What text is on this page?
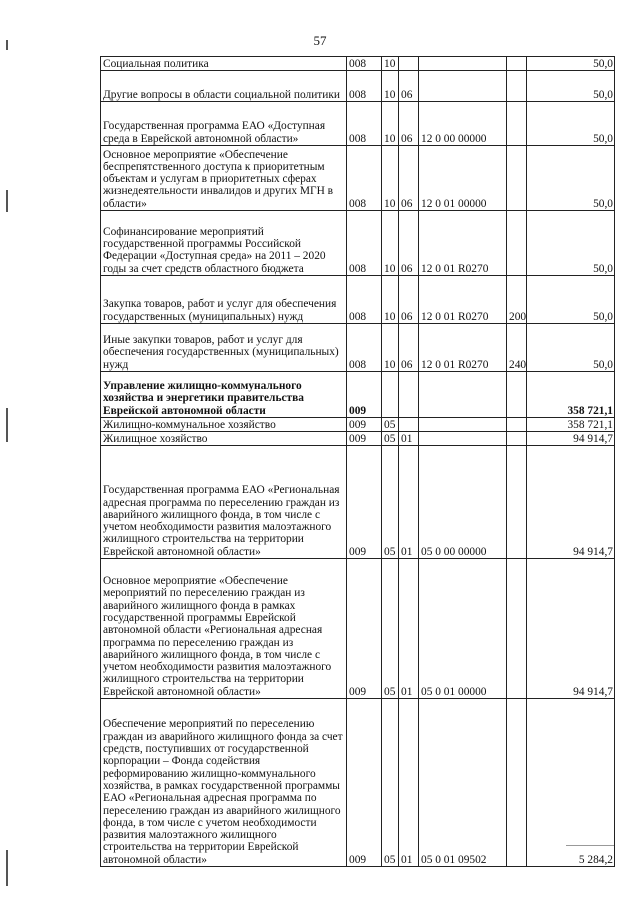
57
Социальная политика	008	10				50,0
Другие вопросы в области социальной политики	008	10	06			50,0
Государственная программа ЕАО «Доступная среда в Еврейской автономной области»	008	10	06	12 0 00 00000		50,0
Основное мероприятие «Обеспечение беспрепятственного доступа к приоритетным объектам и услугам в приоритетных сферах жизнедеятельности инвалидов и других МГН в области»	008	10	06	12 0 01 00000		50,0
Софинансирование мероприятий государственной программы Российской Федерации «Доступная среда» на 2011 – 2020 годы за счет средств областного бюджета	008	10	06	12 0 01 R0270		50,0
Закупка товаров, работ и услуг для обеспечения государственных (муниципальных) нужд	008	10	06	12 0 01 R0270	200	50,0
Иные закупки товаров, работ и услуг для обеспечения государственных (муниципальных) нужд	008	10	06	12 0 01 R0270	240	50,0
Управление жилищно-коммунального хозяйства и энергетики правительства Еврейской автономной области	009					358 721,1
Жилищно-коммунальное хозяйство	009	05				358 721,1
Жилищное хозяйство	009	05	01			94 914,7
Государственная программа ЕАО «Региональная адресная программа по переселению граждан из аварийного жилищного фонда, в том числе с учетом необходимости развития малоэтажного жилищного строительства на территории Еврейской автономной области»	009	05	01	05 0 00 00000		94 914,7
Основное мероприятие «Обеспечение мероприятий по переселению граждан из аварийного жилищного фонда в рамках государственной программы Еврейской автономной области «Региональная адресная программа по переселению граждан из аварийного жилищного фонда, в том числе с учетом необходимости развития малоэтажного жилищного строительства на территории Еврейской автономной области»	009	05	01	05 0 01 00000		94 914,7
Обеспечение мероприятий по переселению граждан из аварийного жилищного фонда за счет средств, поступивших от государственной корпорации – Фонда содействия реформированию жилищно-коммунального хозяйства, в рамках государственной программы ЕАО «Региональная адресная программа по переселению граждан из аварийного жилищного фонда, в том числе с учетом необходимости развития малоэтажного жилищного строительства на территории Еврейской автономной области»	009	05	01	05 0 01 09502		5 284,2
